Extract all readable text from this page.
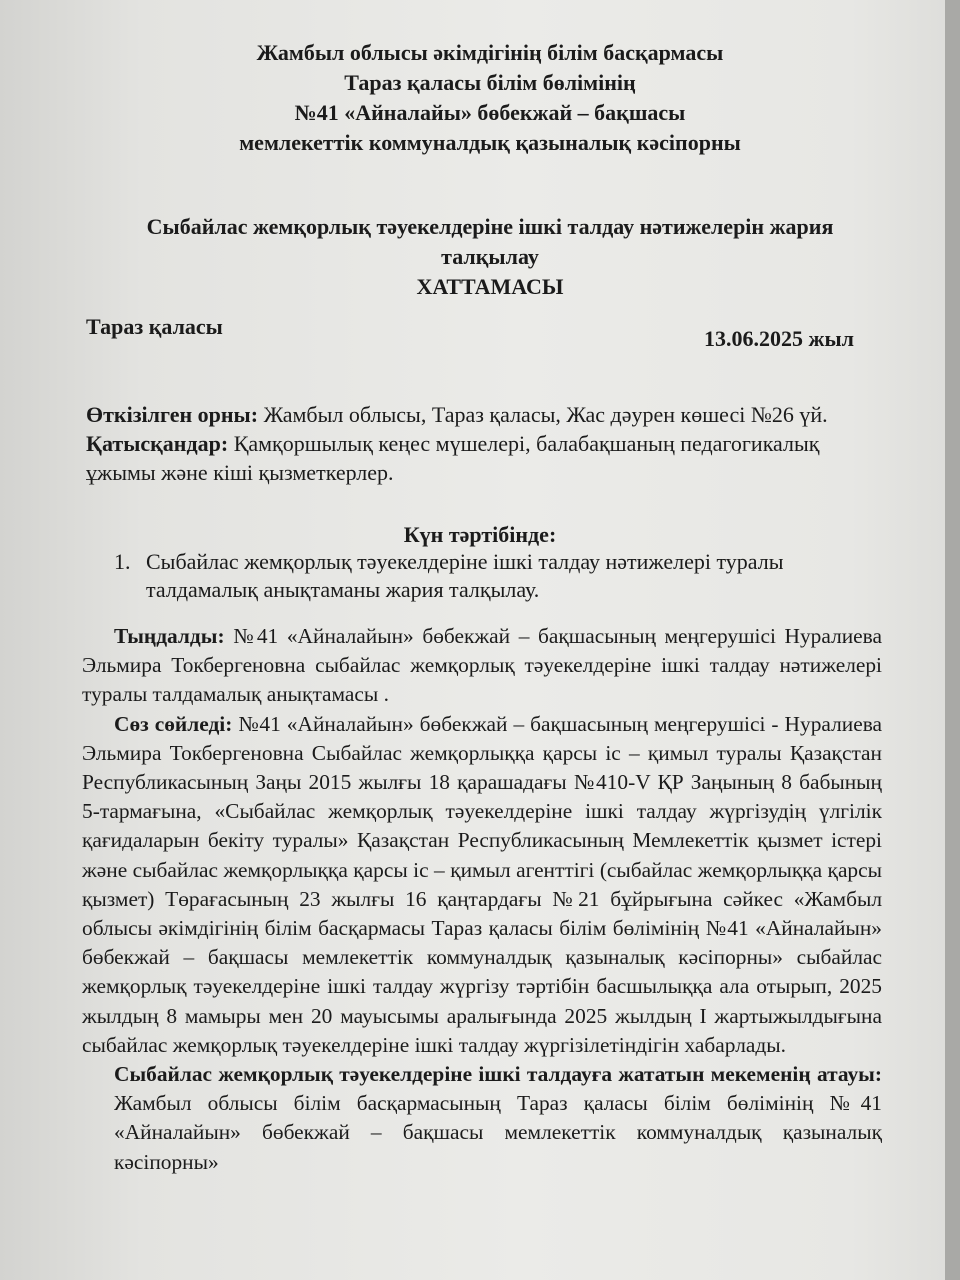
Жамбыл облысы әкімдігінің білім басқармасы
Тараз қаласы білім бөлімінің
№41 «Айналайы» бөбекжай – бақшасы
мемлекеттік коммуналдық қазыналық кәсіпорны
Сыбайлас жемқорлық тәуекелдеріне ішкі талдау нәтижелерін жария
талқылау
ХАТТАМАСЫ
Тараз қаласы	13.06.2025 жыл

Өткізілген орны: Жамбыл облысы, Тараз қаласы, Жас дәурен көшесі №26 үй.

Қатысқандар: Қамқоршылық кеңес мүшелері, балабақшаның педагогикалық ұжымы және кіші қызметкерлер.

Күн тәртібінде:
1. Сыбайлас жемқорлық тәуекелдеріне ішкі талдау нәтижелері туралы талдамалық анықтаманы жария талқылау.

Тыңдалды: №41 «Айналайын» бөбекжай – бақшасының меңгерушісі Нуралиева Эльмира Токбергеновна сыбайлас жемқорлық тәуекелдеріне ішкі талдау нәтижелері туралы талдамалық анықтамасы .

Сөз сөйледі: №41 «Айналайын» бөбекжай – бақшасының меңгерушісі - Нуралиева Эльмира Токбергеновна Сыбайлас жемқорлыққа қарсы іс – қимыл туралы Қазақстан Республикасының Заңы 2015 жылғы 18 қарашадағы №410-V ҚР Заңының 8 бабының 5-тармағына, «Сыбайлас жемқорлық тәуекелдеріне ішкі талдау жүргізудің үлгілік қағидаларын бекіту туралы» Қазақстан Республикасының Мемлекеттік қызмет істері және сыбайлас жемқорлыққа қарсы іс – қимыл агенттігі (сыбайлас жемқорлыққа қарсы қызмет) Төрағасының 23 жылғы 16 қаңтардағы №21 бұйрығына сәйкес «Жамбыл облысы әкімдігінің білім басқармасы Тараз қаласы білім бөлімінің №41 «Айналайын» бөбекжай – бақшасы мемлекеттік коммуналдық қазыналық кәсіпорны» сыбайлас жемқорлық тәуекелдеріне ішкі талдау жүргізу тәртібін басшылыққа ала отырып, 2025 жылдың 8 мамыры мен 20 мауысымы аралығында 2025 жылдың I жартыжылдығына сыбайлас жемқорлық тәуекелдеріне ішкі талдау жүргізілетіндігін хабарлады.

Сыбайлас жемқорлық тәуекелдеріне ішкі талдауға жататын мекеменің атауы: Жамбыл облысы білім басқармасының Тараз қаласы білім бөлімінің №41 «Айналайын» бөбекжай – бақшасы мемлекеттік коммуналдық қазыналық кәсіпорны»
